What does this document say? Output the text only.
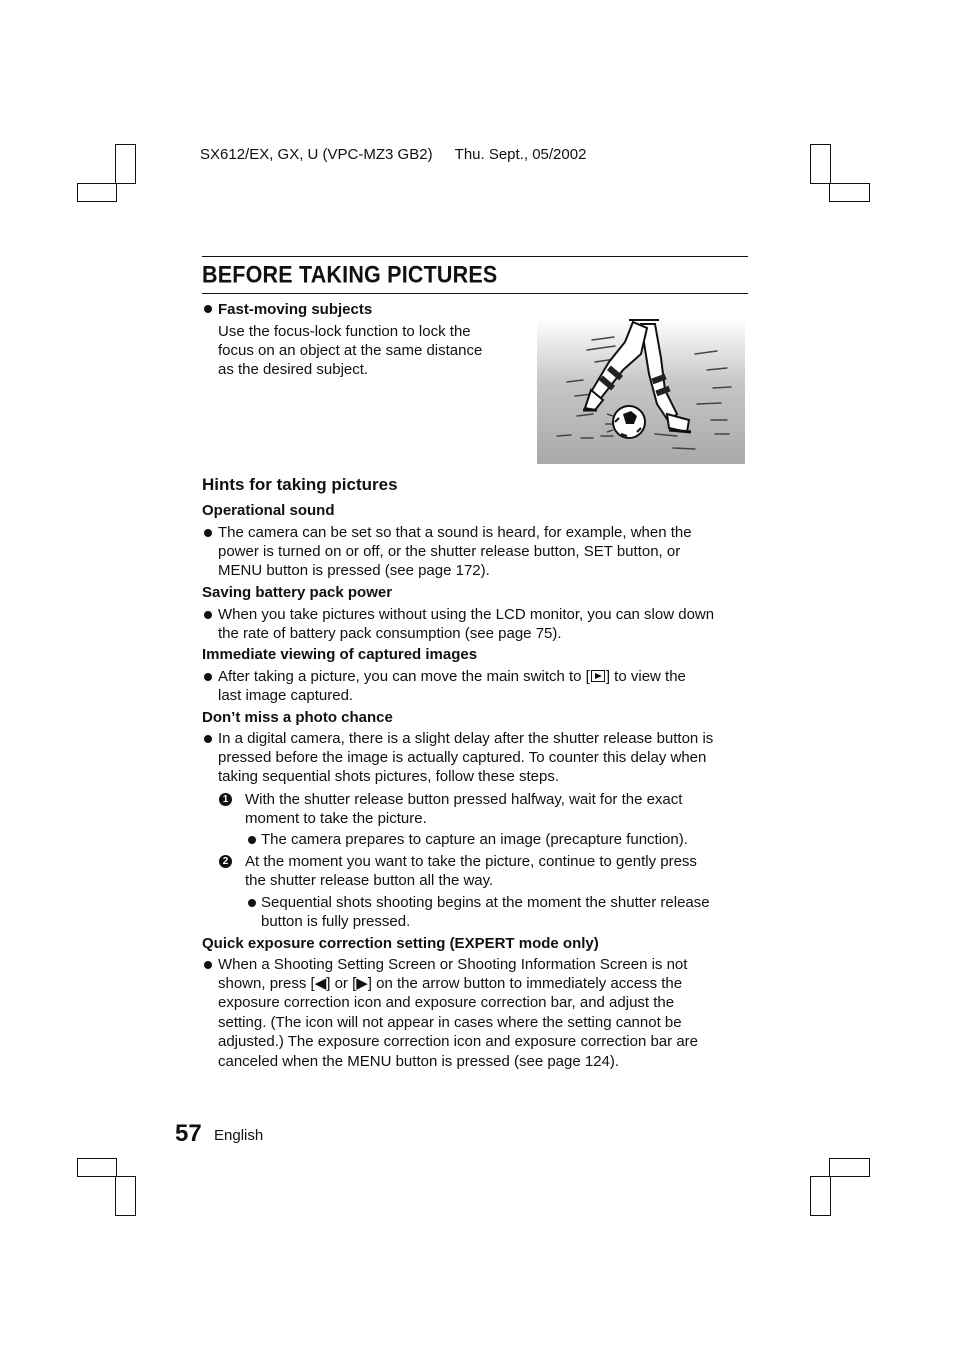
SX612/EX, GX, U (VPC-MZ3 GB2) Thu. Sept., 05/2002
BEFORE TAKING PICTURES
Fast-moving subjects
Use the focus-lock function to lock the
focus on an object at the same distance
as the desired subject.
Hints for taking pictures
Operational sound
The camera can be set so that a sound is heard, for example, when the
power is turned on or off, or the shutter release button, SET button, or
MENU button is pressed (see page 172).
Saving battery pack power
When you take pictures without using the LCD monitor, you can slow down
the rate of battery pack consumption (see page 75).
Immediate viewing of captured images
After taking a picture, you can move the main switch to [ ] to view the
last image captured.
Don’t miss a photo chance
In a digital camera, there is a slight delay after the shutter release button is
pressed before the image is actually captured. To counter this delay when
taking sequential shots pictures, follow these steps.
1 With the shutter release button pressed halfway, wait for the exact
moment to take the picture.
The camera prepares to capture an image (precapture function).
2 At the moment you want to take the picture, continue to gently press
the shutter release button all the way.
Sequential shots shooting begins at the moment the shutter release
button is fully pressed.
Quick exposure correction setting (EXPERT mode only)
When a Shooting Setting Screen or Shooting Information Screen is not
shown, press [◀] or [▶] on the arrow button to immediately access the
exposure correction icon and exposure correction bar, and adjust the
setting. (The icon will not appear in cases where the setting cannot be
adjusted.) The exposure correction icon and exposure correction bar are
canceled when the MENU button is pressed (see page 124).
57 English
